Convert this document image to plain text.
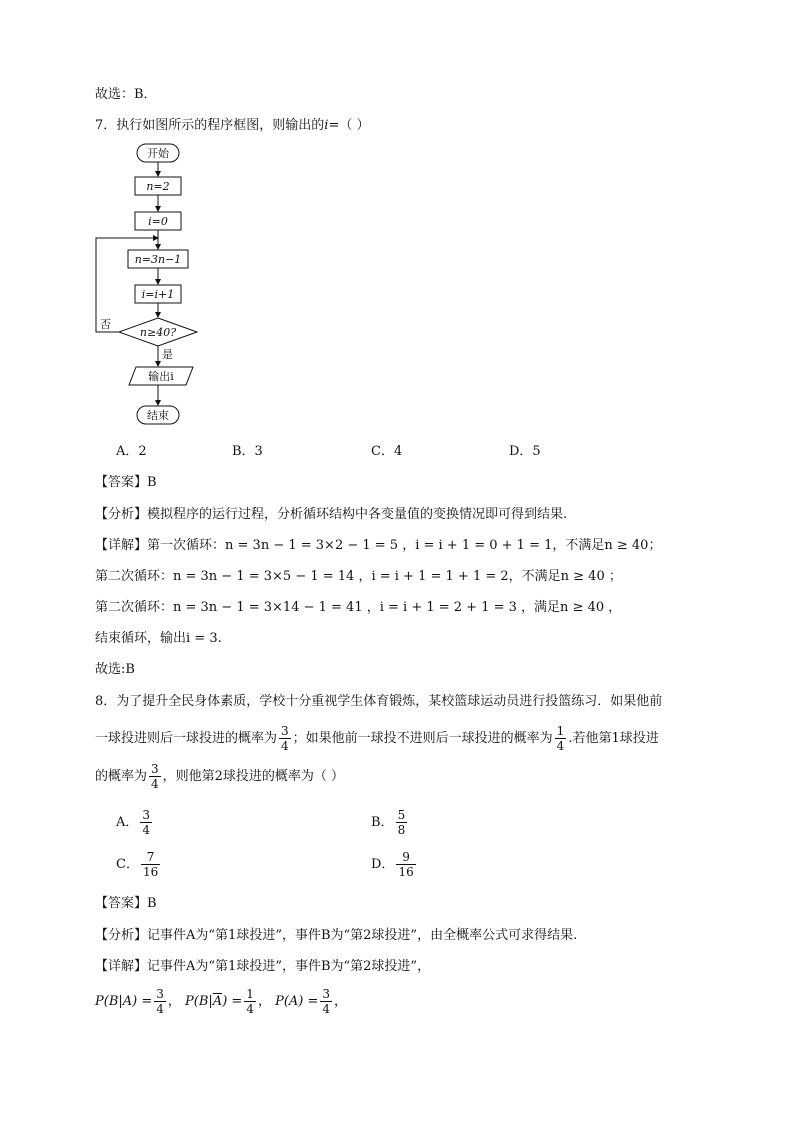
故选：B．
7．执行如图所示的程序框图，则输出的i=（ ）
开始
n=2
i=0
n=3n−1
i=i+1
n≥40?
否
是
输出i
结束
A．2	B．3	C．4	D．5
【答案】B
【分析】模拟程序的运行过程，分析循环结构中各变量值的变换情况即可得到结果.
【详解】第一次循环：n = 3n − 1 = 3×2 − 1 = 5 ，i = i + 1 = 0 + 1 = 1，不满足n ≥ 40；
第二次循环：n = 3n − 1 = 3×5 − 1 = 14 ，i = i + 1 = 1 + 1 = 2，不满足n ≥ 40 ；
第二次循环：n = 3n − 1 = 3×14 − 1 = 41 ，i = i + 1 = 2 + 1 = 3 ，满足n ≥ 40 ，
结束循环，输出i = 3.
故选:B
8．为了提升全民身体素质，学校十分重视学生体育锻炼，某校篮球运动员进行投篮练习．如果他前
一球投进则后一球投进的概率为 $\frac{3}{4}$ ；如果他前一球投不进则后一球投进的概率为 $\frac{1}{4}$ .若他第1球投进
的概率为 $\frac{3}{4}$ ，则他第2球投进的概率为（ ）
A． $\frac{3}{4}$	B． $\frac{5}{8}$
C． $\frac{7}{16}$	D． $\frac{9}{16}$
【答案】B
【分析】记事件A为“第1球投进”，事件B为“第2球投进”，由全概率公式可求得结果.
【详解】记事件A为“第1球投进”，事件B为“第2球投进”，
$P(B|A) = \frac{3}{4}$ ， $P(B|\overline{A}) = \frac{1}{4}$ ， $P(A) = \frac{3}{4}$ ，
